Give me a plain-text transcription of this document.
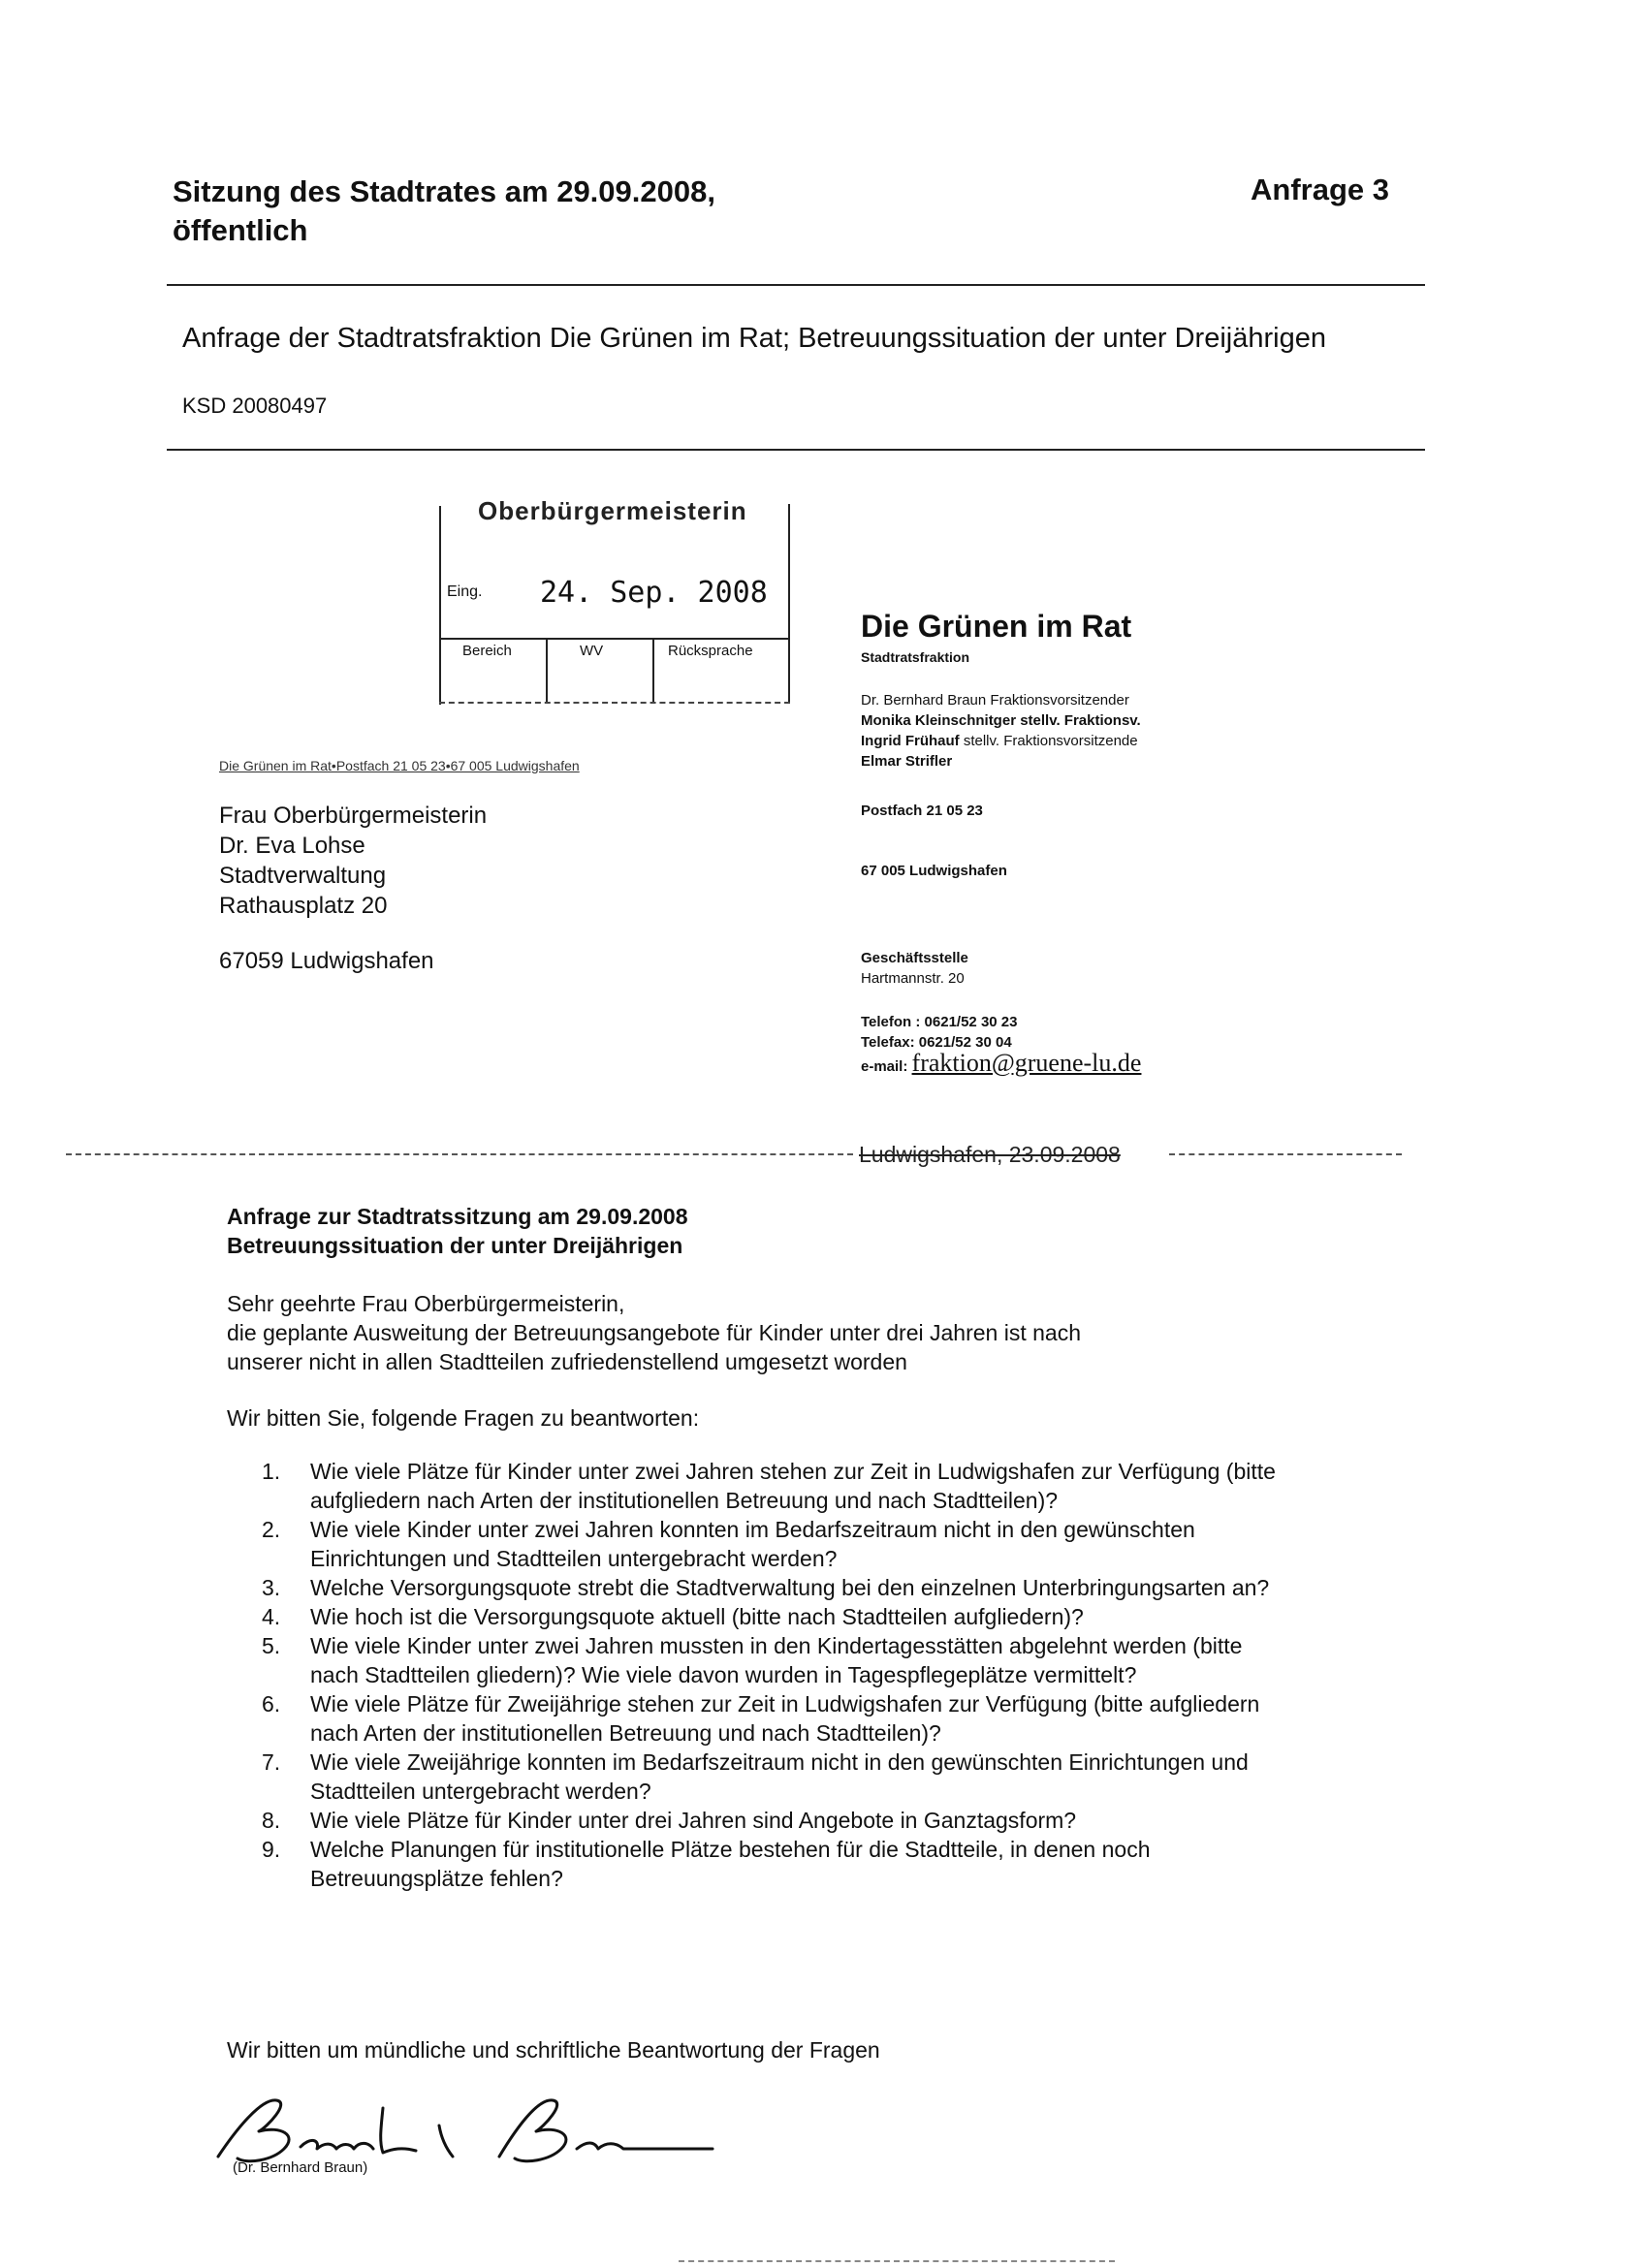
Sitzung des Stadtrates am 29.09.2008,
öffentlich
Anfrage 3
Anfrage der Stadtratsfraktion Die Grünen im Rat; Betreuungssituation der unter Dreijährigen
KSD 20080497
Oberbürgermeisterin
Eing. 24. Sep. 2008
Bereich	WV	Rücksprache
Die Grünen im Rat•Postfach 21 05 23•67 005 Ludwigshafen
Frau Oberbürgermeisterin
Dr. Eva Lohse
Stadtverwaltung
Rathausplatz 20
67059 Ludwigshafen
Die Grünen im Rat
Stadtratsfraktion
Dr. Bernhard Braun Fraktionsvorsitzender
Monika Kleinschnitger stellv. Fraktionsv.
Ingrid Frühauf stellv. Fraktionsvorsitzende
Elmar Strifler
Postfach 21 05 23
67 005 Ludwigshafen
Geschäftsstelle
Hartmannstr. 20
Telefon : 0621/52 30 23
Telefax: 0621/52 30 04
e-mail: fraktion@gruene-lu.de
Ludwigshafen, 23.09.2008
Anfrage zur Stadtratssitzung am 29.09.2008
Betreuungssituation der unter Dreijährigen
Sehr geehrte Frau Oberbürgermeisterin,
die geplante Ausweitung der Betreuungsangebote für Kinder unter drei Jahren ist nach
unserer nicht in allen Stadtteilen zufriedenstellend umgesetzt worden
Wir bitten Sie, folgende Fragen zu beantworten:
1. Wie viele Plätze für Kinder unter zwei Jahren stehen zur Zeit in Ludwigshafen zur Verfügung (bitte aufgliedern nach Arten der institutionellen Betreuung und nach Stadtteilen)?
2. Wie viele Kinder unter zwei Jahren konnten im Bedarfszeitraum nicht in den gewünschten Einrichtungen und Stadtteilen untergebracht werden?
3. Welche Versorgungsquote strebt die Stadtverwaltung bei den einzelnen Unterbringungsarten an?
4. Wie hoch ist die Versorgungsquote aktuell (bitte nach Stadtteilen aufgliedern)?
5. Wie viele Kinder unter zwei Jahren mussten in den Kindertagesstätten abgelehnt werden (bitte nach Stadtteilen gliedern)? Wie viele davon wurden in Tagespflegeplätze vermittelt?
6. Wie viele Plätze für Zweijährige stehen zur Zeit in Ludwigshafen zur Verfügung (bitte aufgliedern nach Arten der institutionellen Betreuung und nach Stadtteilen)?
7. Wie viele Zweijährige konnten im Bedarfszeitraum nicht in den gewünschten Einrichtungen und Stadtteilen untergebracht werden?
8. Wie viele Plätze für Kinder unter drei Jahren sind Angebote in Ganztagsform?
9. Welche Planungen für institutionelle Plätze bestehen für die Stadtteile, in denen noch Betreuungsplätze fehlen?
Wir bitten um mündliche und schriftliche Beantwortung der Fragen
(Dr. Bernhard Braun)
